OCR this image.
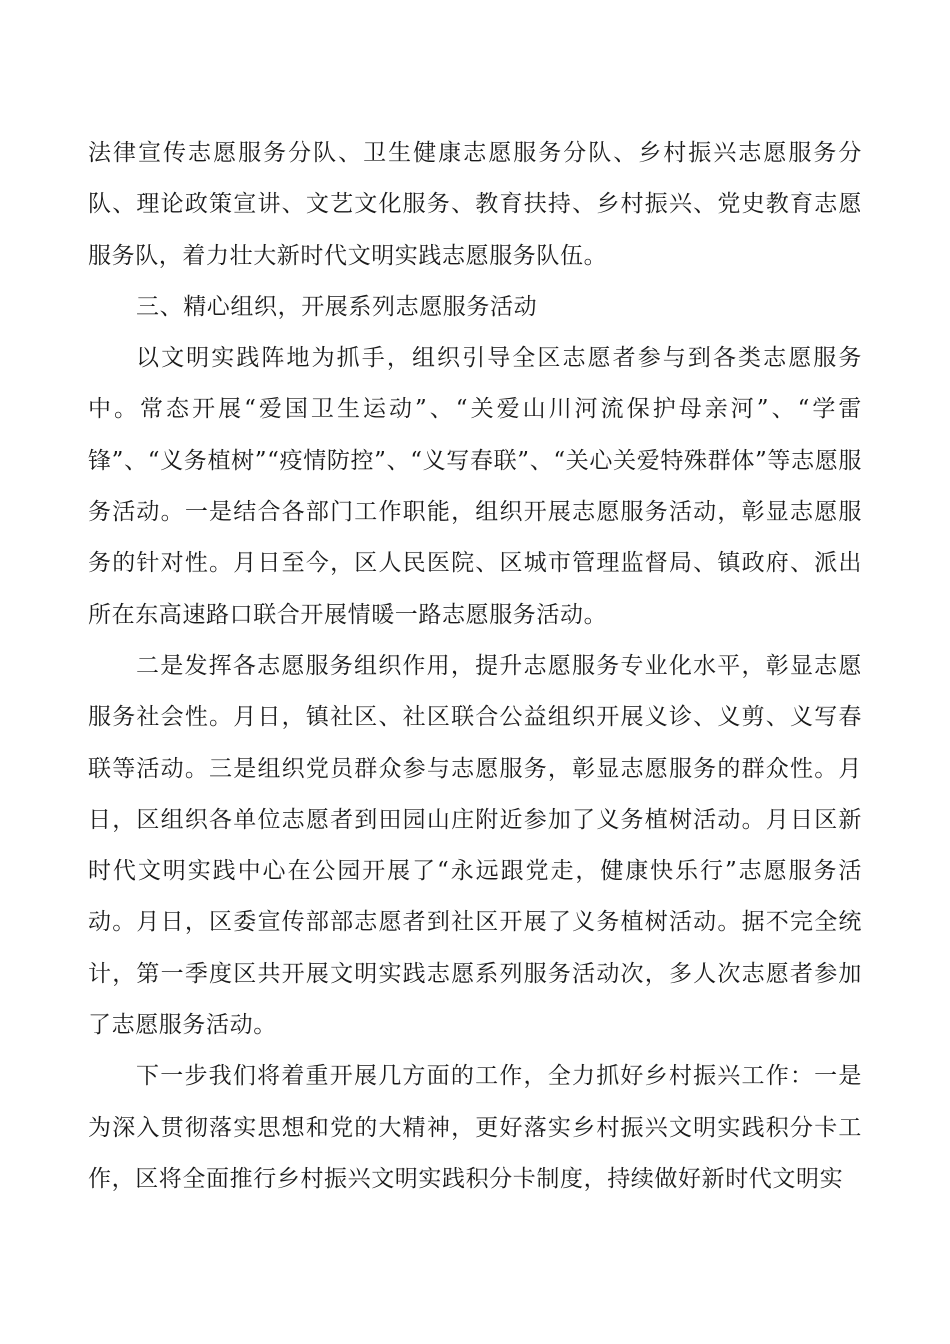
法律宣传志愿服务分队、卫生健康志愿服务分队、乡村振兴志愿服务分队、理论政策宣讲、文艺文化服务、教育扶持、乡村振兴、党史教育志愿服务队，着力壮大新时代文明实践志愿服务队伍。

三、精心组织，开展系列志愿服务活动

以文明实践阵地为抓手，组织引导全区志愿者参与到各类志愿服务中。常态开展“爱国卫生运动”、“关爱山川河流保护母亲河”、“学雷锋”、“义务植树”“疫情防控”、“义写春联”、“关心关爱特殊群体”等志愿服务活动。一是结合各部门工作职能，组织开展志愿服务活动，彰显志愿服务的针对性。月日至今，区人民医院、区城市管理监督局、镇政府、派出所在东高速路口联合开展情暖一路志愿服务活动。

二是发挥各志愿服务组织作用，提升志愿服务专业化水平，彰显志愿服务社会性。月日，镇社区、社区联合公益组织开展义诊、义剪、义写春联等活动。三是组织党员群众参与志愿服务，彰显志愿服务的群众性。月日，区组织各单位志愿者到田园山庄附近参加了义务植树活动。月日区新时代文明实践中心在公园开展了“永远跟党走，健康快乐行”志愿服务活动。月日，区委宣传部部志愿者到社区开展了义务植树活动。据不完全统计，第一季度区共开展文明实践志愿系列服务活动次，多人次志愿者参加了志愿服务活动。

下一步我们将着重开展几方面的工作，全力抓好乡村振兴工作：一是为深入贯彻落实思想和党的大精神，更好落实乡村振兴文明实践积分卡工作，区将全面推行乡村振兴文明实践积分卡制度，持续做好新时代文明实
